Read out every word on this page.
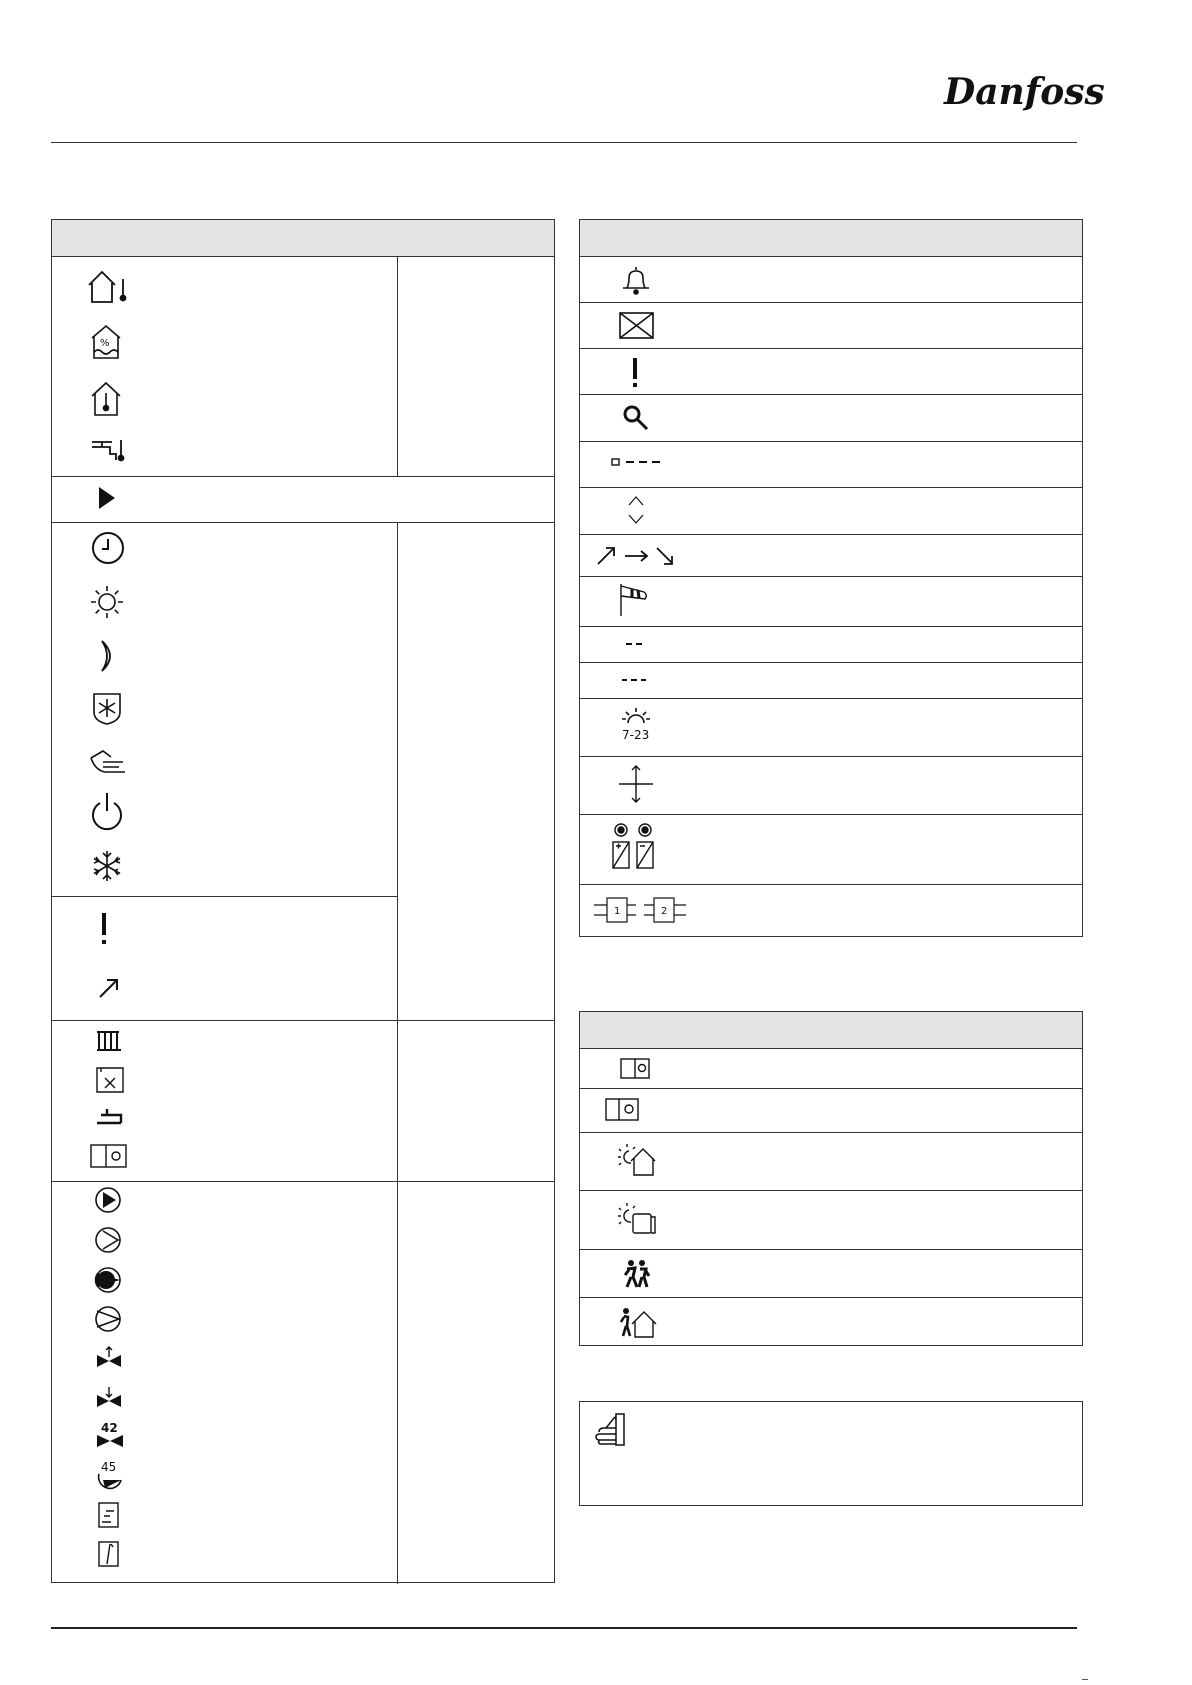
Danfoss
%
42
45
7-23
1	2
